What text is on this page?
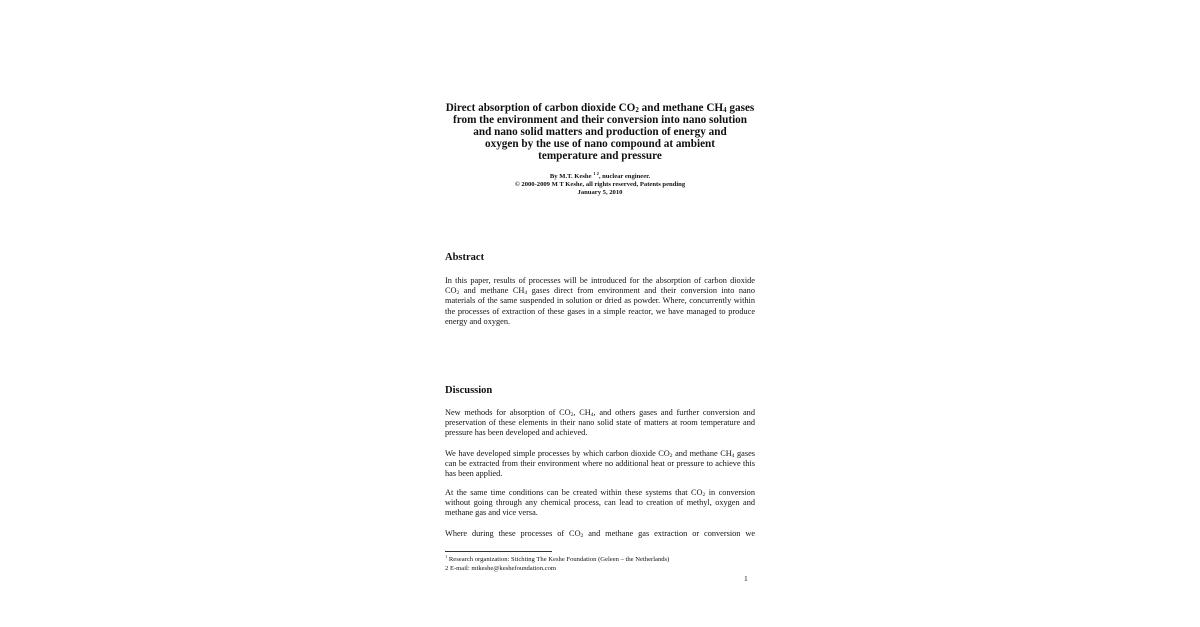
Direct absorption of carbon dioxide $CO_2$ and methane $CH_4$ gases
from the environment and their conversion into nano solution
and nano solid matters and production of energy and
oxygen by the use of nano compound at ambient
temperature and pressure
By M.T. Keshe $^{1 2}$, nuclear engineer.
© 2000-2009 M T Keshe, all rights reserved, Patents pending
January 5, 2010
Abstract
In this paper, results of processes will be introduced for the absorption of carbon dioxide $CO_2$ and methane $CH_4$ gases direct from environment and their conversion into nano materials of the same suspended in solution or dried as powder. Where, concurrently within the processes of extraction of these gases in a simple reactor, we have managed to produce energy and oxygen.
Discussion
New methods for absorption of $CO_2$, $CH_4$, and others gases and further conversion and preservation of these elements in their nano solid state of matters at room temperature and pressure has been developed and achieved.
We have developed simple processes by which carbon dioxide $CO_2$ and methane $CH_4$ gases can be extracted from their environment where no additional heat or pressure to achieve this has been applied.
At the same time conditions can be created within these systems that $CO_2$ in conversion without going through any chemical process, can lead to creation of methyl, oxygen and methane gas and vice versa.
Where during these processes of $CO_2$ and methane gas extraction or conversion we
$^1$ Research organization: Stichting The Keshe Foundation (Geleen – the Netherlands)
2 E-mail: mtkeshe@keshefoundation.com
1
